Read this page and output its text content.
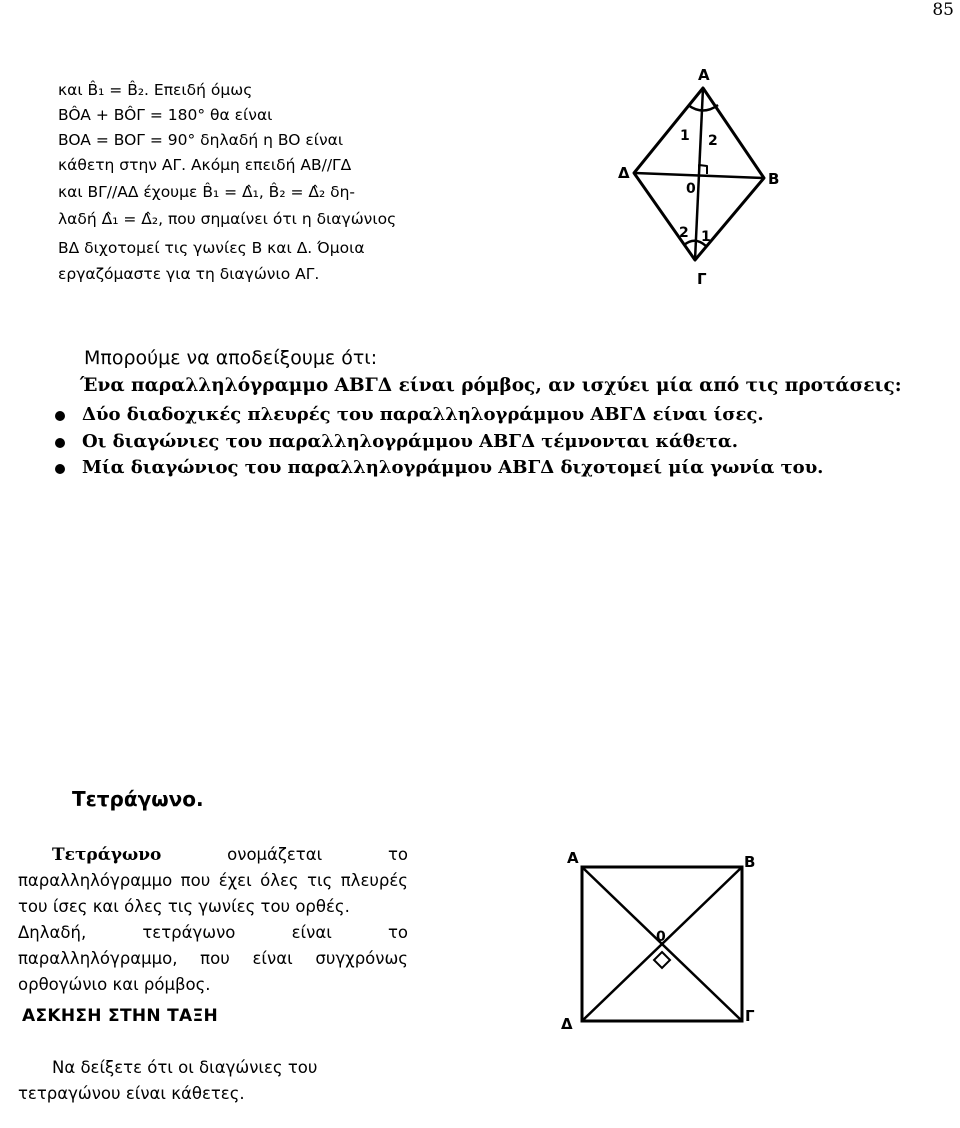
85
και B̂₁ = B̂₂. Επειδή όμως
BÔA + BÔΓ = 180° θα είναι
BOA = BOΓ = 90° δηλαδή η BO είναι
κάθετη στην ΑΓ. Ακόμη επειδή ΑΒ//ΓΔ
και ΒΓ//ΑΔ έχουμε B̂₁ = Δ̂₁, B̂₂ = Δ̂₂ δη-
λαδή Δ̂₁ = Δ̂₂, που σημαίνει ότι η διαγώνιος
ΒΔ διχοτομεί τις γωνίες Β και Δ. Όμοια
εργαζόμαστε για τη διαγώνιο ΑΓ.
A
B
Γ
Δ
0
1 2
2 1
Μπορούμε να αποδείξουμε ότι:
Ένα παραλληλόγραμμο ΑΒΓΔ είναι ρόμβος, αν ισχύει μία από τις προτάσεις:
Δύο διαδοχικές πλευρές του παραλληλογράμμου ΑΒΓΔ είναι ίσες.
Οι διαγώνιες του παραλληλογράμμου ΑΒΓΔ τέμνονται κάθετα.
Μία διαγώνιος του παραλληλογράμμου ΑΒΓΔ διχοτομεί μία γωνία του.
Τετράγωνο.
Τετράγωνο ονομάζεται το παραλληλόγραμμο που έχει όλες τις πλευρές του ίσες και όλες τις γωνίες του ορθές.
Δηλαδή, τετράγωνο είναι το παραλληλόγραμμο, που είναι συγχρόνως ορθογώνιο και ρόμβος.
ΑΣΚΗΣΗ ΣΤΗΝ ΤΑΞΗ
Να δείξετε ότι οι διαγώνιες του τετραγώνου είναι κάθετες.
A	B
Γ
Δ
0
